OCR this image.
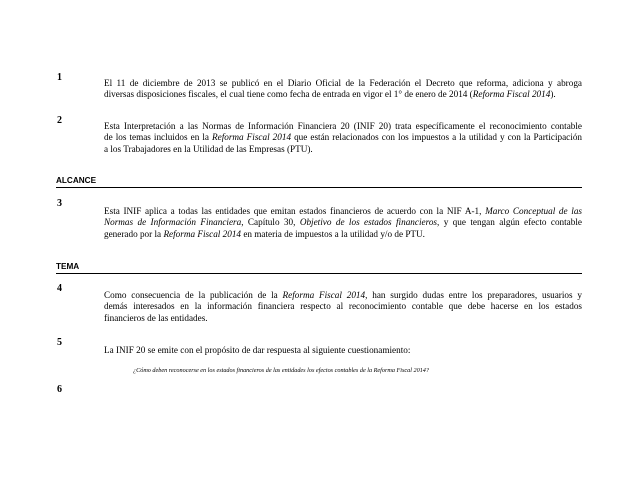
1	El 11 de diciembre de 2013 se publicó en el Diario Oficial de la Federación el Decreto que reforma, adiciona y abroga
diversas disposiciones fiscales, el cual tiene como fecha de entrada en vigor el 1° de enero de 2014 (Reforma Fiscal 2014).
2	Esta Interpretación a las Normas de Información Financiera 20 (INIF 20) trata específicamente el reconocimiento contable
de los temas incluidos en la Reforma Fiscal 2014 que están relacionados con los impuestos a la utilidad y con la Participación
a los Trabajadores en la Utilidad de las Empresas (PTU).
ALCANCE
3
Esta INIF aplica a todas las entidades que emitan estados financieros de acuerdo con la NIF A-1, Marco Conceptual de las
Normas de Información Financiera, Capítulo 30, Objetivo de los estados financieros, y que tengan algún efecto contable
generado por la Reforma Fiscal 2014 en materia de impuestos a la utilidad y/o de PTU.
TEMA
4
Como consecuencia de la publicación de la Reforma Fiscal 2014, han surgido dudas entre los preparadores, usuarios y
demás interesados en la información financiera respecto al reconocimiento contable que debe hacerse en los estados
financieros de las entidades.
5
La INIF 20 se emite con el propósito de dar respuesta al siguiente cuestionamiento:
¿Cómo deben reconocerse en los estados financieros de las entidades los efectos contables de la Reforma Fiscal 2014?
6
